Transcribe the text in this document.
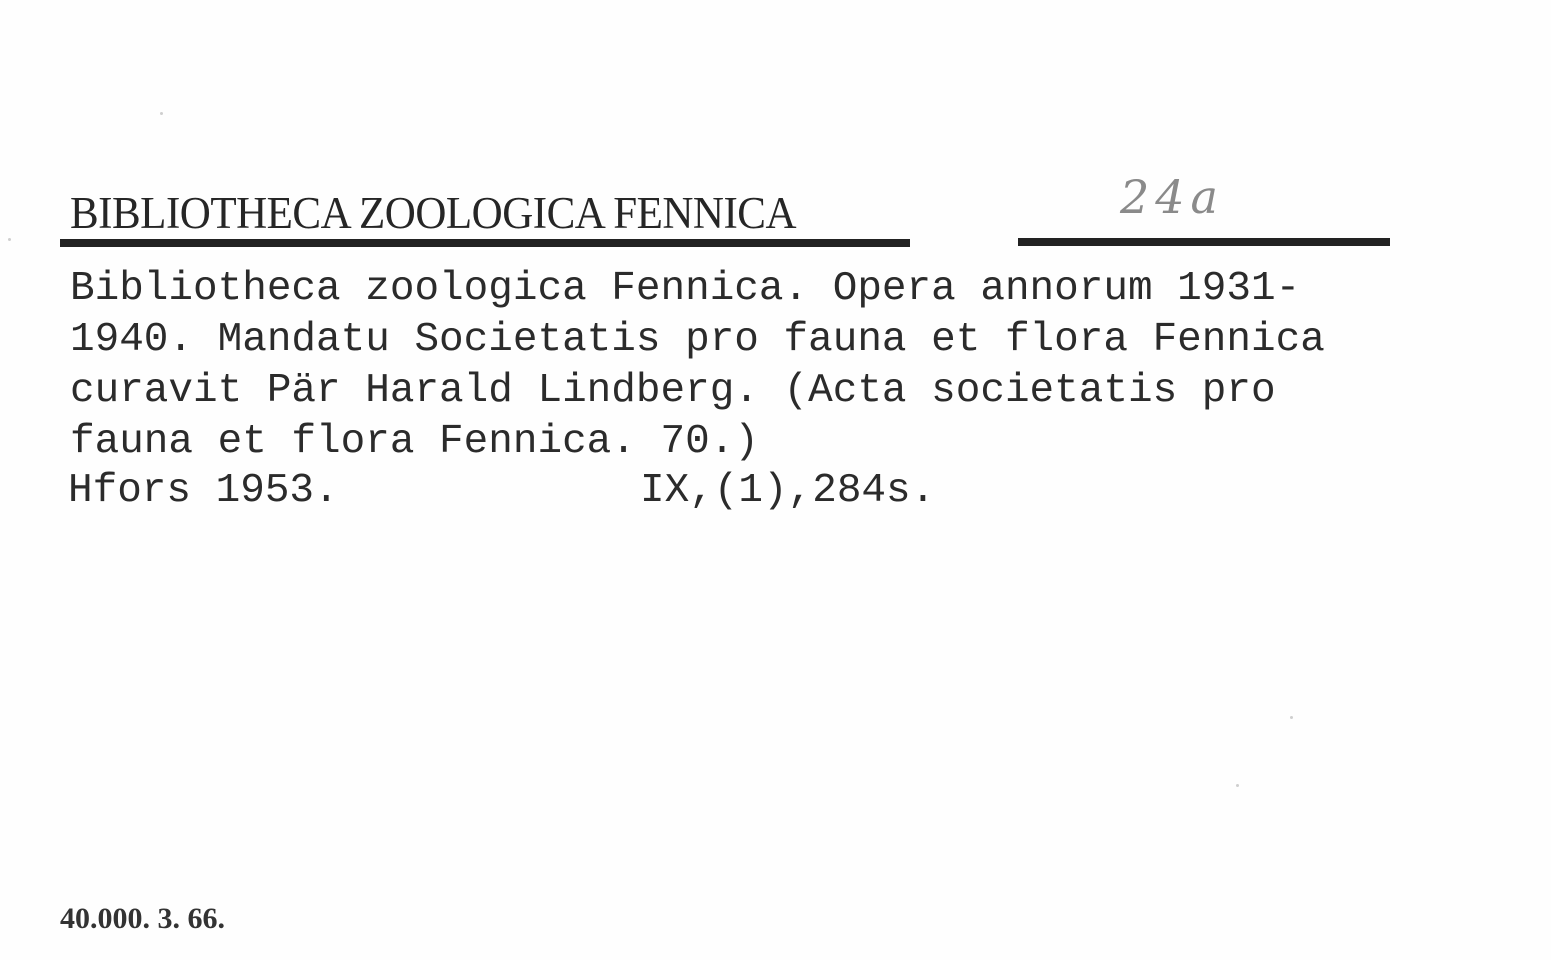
BIBLIOTHECA ZOOLOGICA FENNICA	24a
Bibliotheca zoologica Fennica. Opera annorum 1931-
1940. Mandatu Societatis pro fauna et flora Fennica
curavit Pär Harald Lindberg. (Acta societatis pro
fauna et flora Fennica. 70.)
Hfors 1953.	IX,(1),284s.
40.000. 3. 66.
